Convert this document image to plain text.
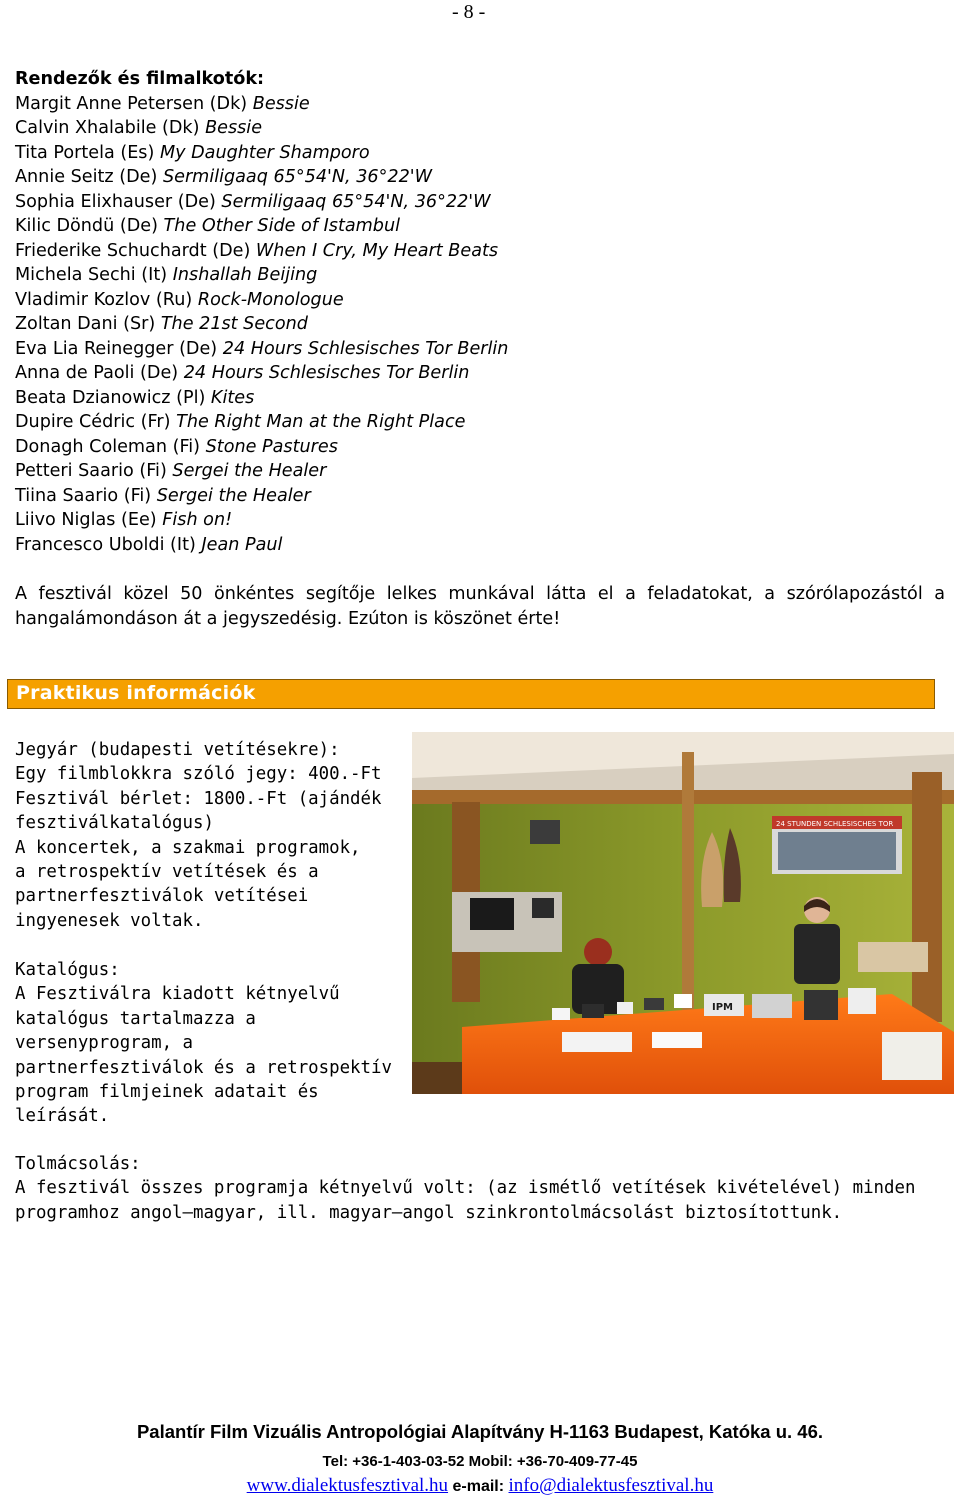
- 8 -
Rendezők és filmalkotók:
Margit Anne Petersen (Dk) Bessie
Calvin Xhalabile (Dk) Bessie
Tita Portela (Es) My Daughter Shamporo
Annie Seitz (De) Sermiligaaq 65°54'N, 36°22'W
Sophia Elixhauser (De) Sermiligaaq 65°54'N, 36°22'W
Kilic Döndü (De) The Other Side of Istambul
Friederike Schuchardt (De) When I Cry, My Heart Beats
Michela Sechi (It) Inshallah Beijing
Vladimir Kozlov (Ru) Rock-Monologue
Zoltan Dani (Sr) The 21st Second
Eva Lia Reinegger (De) 24 Hours Schlesisches Tor Berlin
Anna de Paoli (De) 24 Hours Schlesisches Tor Berlin
Beata Dzianowicz (Pl) Kites
Dupire Cédric (Fr) The Right Man at the Right Place
Donagh Coleman (Fi) Stone Pastures
Petteri Saario (Fi) Sergei the Healer
Tiina Saario (Fi) Sergei the Healer
Liivo Niglas (Ee) Fish on!
Francesco Uboldi (It) Jean Paul
A fesztivál közel 50 önkéntes segítője lelkes munkával látta el a feladatokat, a szórólapozástól a hangalámondáson át a jegyszedésig. Ezúton is köszönet érte!
Praktikus információk
Jegyár (budapesti vetítésekre):
Egy filmblokkra szóló jegy: 400.-Ft
Fesztivál bérlet: 1800.-Ft (ajándék
fesztiválkatalógus)
A koncertek, a szakmai programok,
a retrospektív vetítések és a
partnerfesztiválok vetítései
ingyenesek voltak.
Katalógus:
A Fesztiválra kiadott kétnyelvű
katalógus tartalmazza a
versenyprogram, a
partnerfesztiválok és a retrospektív
program filmjeinek adatait és
leírását.
Tolmácsolás:
A fesztivál összes programja kétnyelvű volt: (az ismétlő vetítések kivételével) minden
programhoz angol–magyar, ill. magyar–angol szinkrontolmácsolást biztosítottunk.
24 STUNDEN SCHLESISCHES TOR
IPM
Palantír Film Vizuális Antropológiai Alapítvány H-1163 Budapest, Katóka u. 46.
Tel: +36-1-403-03-52 Mobil: +36-70-409-77-45
www.dialektusfesztival.hu e-mail: info@dialektusfesztival.hu
